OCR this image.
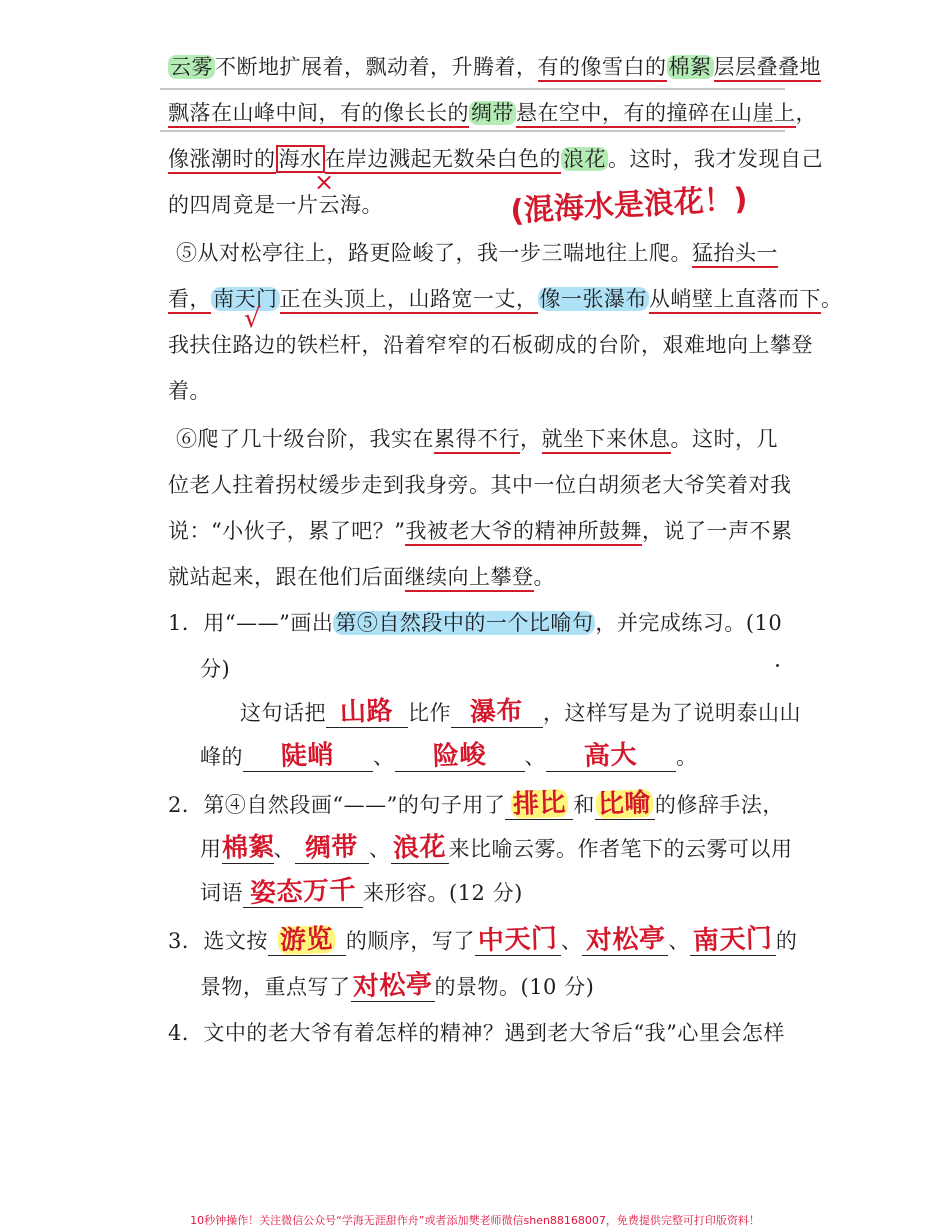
云雾不断地扩展着，飘动着，升腾着，有的像雪白的棉絮层层叠叠地
飘落在山峰中间，有的像长长的绸带悬在空中，有的撞碎在山崖上，
像涨潮时的 海水 在岸边溅起无数朵白色的浪花。这时，我才发现自己
×
的四周竟是一片云海。	(混海水是浪花！)
⑤从对松亭往上，路更险峻了，我一步三喘地往上爬。猛抬头一
看，南天门正在头顶上，山路宽一丈，像一张瀑布从峭壁上直落而下。
√
我扶住路边的铁栏杆，沿着窄窄的石板砌成的台阶，艰难地向上攀登
着。
⑥爬了几十级台阶，我实在累得不行，就坐下来休息。这时，几
位老人拄着拐杖缓步走到我身旁。其中一位白胡须老大爷笑着对我
说：“小伙子，累了吧？”我被老大爷的精神所鼓舞，说了一声不累
就站起来，跟在他们后面继续向上攀登。
1．用“——”画出第⑤自然段中的一个比喻句，并完成练习。(10
分)
这句话把 山路 比作 瀑布 ，这样写是为了说明泰山山
峰的 陡峭 、 险峻 、 高大 。
2．第④自然段画“——”的句子用了 排比 和 比喻 的修辞手法，
用棉絮、 绸带 、浪花来比喻云雾。作者笔下的云雾可以用
词语 姿态万千 来形容。(12 分)
3．选文按 游览 的顺序，写了 中天门 、 对松亭 、 南天门 的
景物，重点写了对松亭的景物。(10 分)
4．文中的老大爷有着怎样的精神？遇到老大爷后“我”心里会怎样
10秒钟操作！关注微信公众号“学海无涯甜作舟”或者添加樊老师微信shen88168007，免费提供完整可打印版资料！
